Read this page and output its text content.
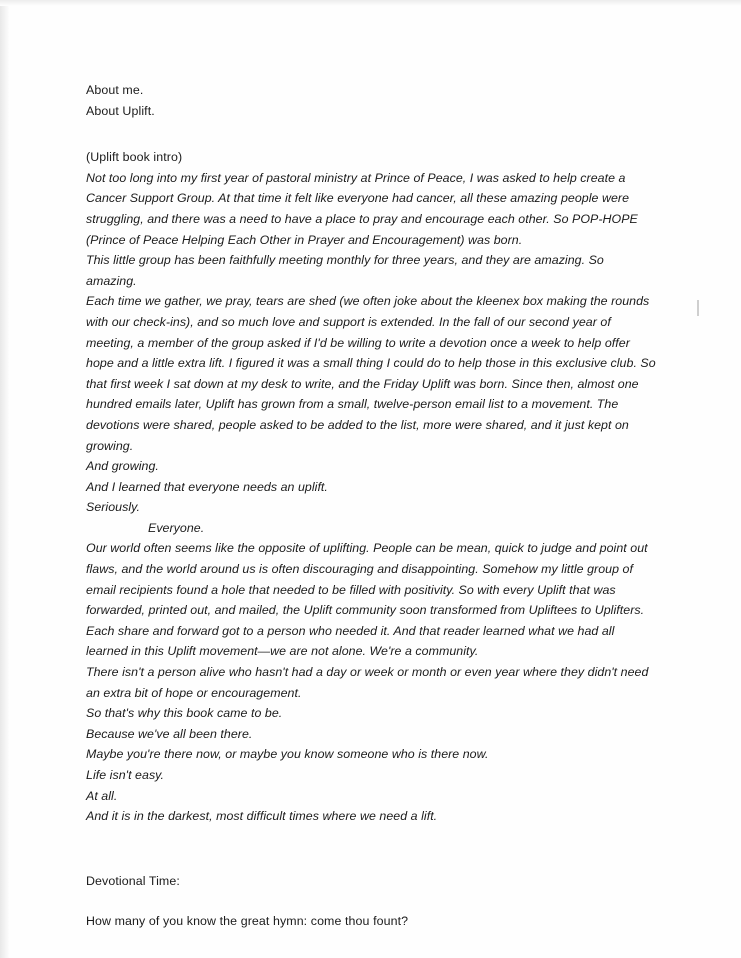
About me.
About Uplift.
(Uplift book intro)

Not too long into my first year of pastoral ministry at Prince of Peace, I was asked to help create a Cancer Support Group. At that time it felt like everyone had cancer, all these amazing people were struggling, and there was a need to have a place to pray and encourage each other. So POP-HOPE (Prince of Peace Helping Each Other in Prayer and Encouragement) was born.

This little group has been faithfully meeting monthly for three years, and they are amazing. So amazing.

Each time we gather, we pray, tears are shed (we often joke about the kleenex box making the rounds with our check-ins), and so much love and support is extended. In the fall of our second year of meeting, a member of the group asked if I'd be willing to write a devotion once a week to help offer hope and a little extra lift. I figured it was a small thing I could do to help those in this exclusive club. So that first week I sat down at my desk to write, and the Friday Uplift was born. Since then, almost one hundred emails later, Uplift has grown from a small, twelve-person email list to a movement. The devotions were shared, people asked to be added to the list, more were shared, and it just kept on growing.

And growing.

And I learned that everyone needs an uplift.

Seriously.

Everyone.

Our world often seems like the opposite of uplifting. People can be mean, quick to judge and point out flaws, and the world around us is often discouraging and disappointing. Somehow my little group of email recipients found a hole that needed to be filled with positivity. So with every Uplift that was forwarded, printed out, and mailed, the Uplift community soon transformed from Upliftees to Uplifters.

Each share and forward got to a person who needed it. And that reader learned what we had all learned in this Uplift movement—we are not alone. We're a community.

There isn't a person alive who hasn't had a day or week or month or even year where they didn't need an extra bit of hope or encouragement.

So that's why this book came to be.

Because we've all been there.

Maybe you're there now, or maybe you know someone who is there now.

Life isn't easy.

At all.

And it is in the darkest, most difficult times where we need a lift.

Devotional Time:
How many of you know the great hymn: come thou fount?
